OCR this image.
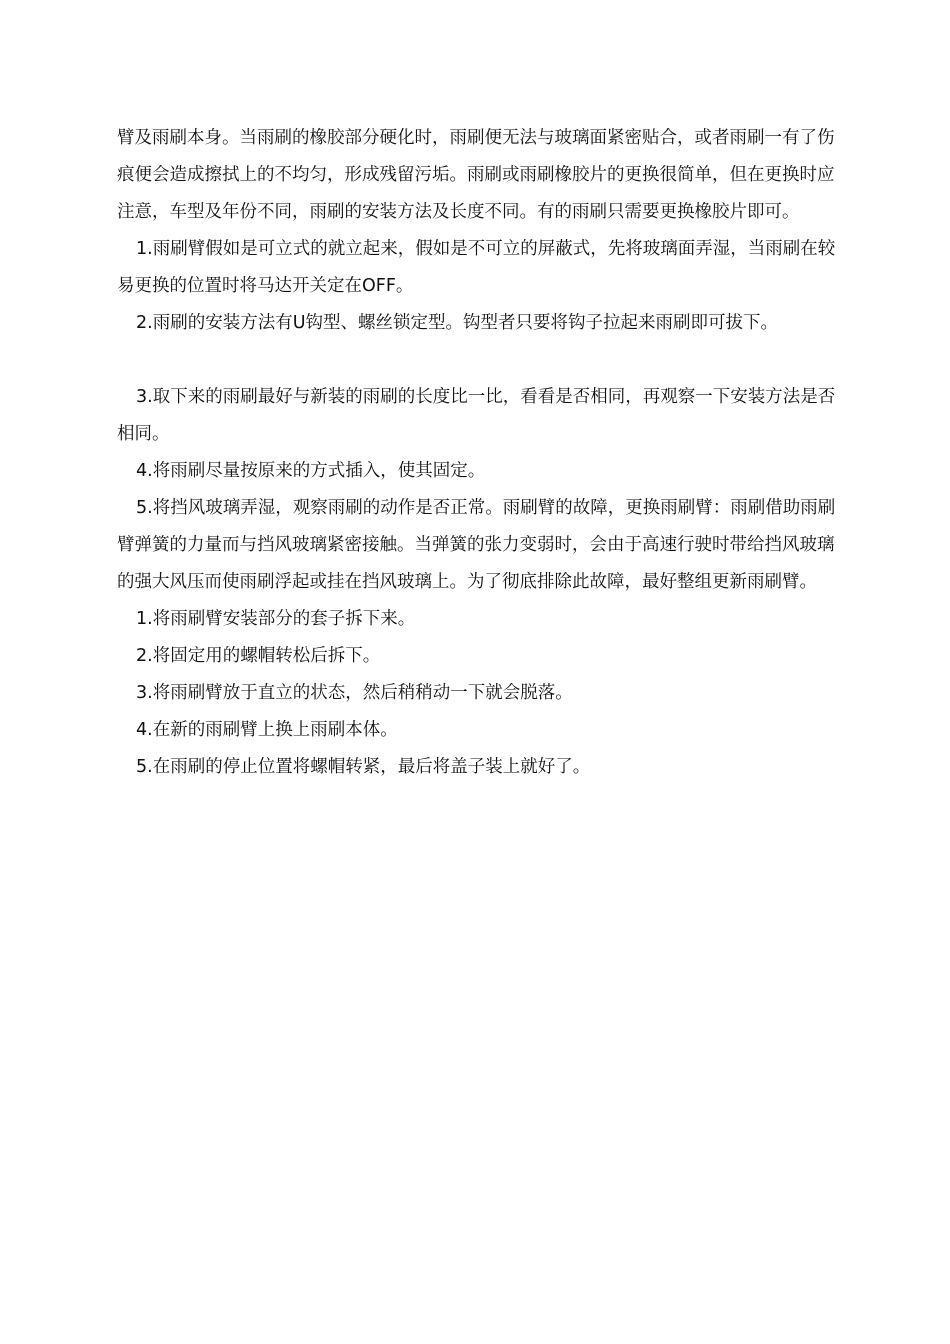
臂及雨刷本身。当雨刷的橡胶部分硬化时，雨刷便无法与玻璃面紧密贴合，或者雨刷一有了伤痕便会造成擦拭上的不均匀，形成残留污垢。雨刷或雨刷橡胶片的更换很简单，但在更换时应注意，车型及年份不同，雨刷的安装方法及长度不同。有的雨刷只需要更换橡胶片即可。

1.雨刷臂假如是可立式的就立起来，假如是不可立的屏蔽式，先将玻璃面弄湿，当雨刷在较易更换的位置时将马达开关定在OFF。

2.雨刷的安装方法有U钩型、螺丝锁定型。钩型者只要将钩子拉起来雨刷即可拔下。

3.取下来的雨刷最好与新装的雨刷的长度比一比，看看是否相同，再观察一下安装方法是否相同。

4.将雨刷尽量按原来的方式插入，使其固定。

5.将挡风玻璃弄湿，观察雨刷的动作是否正常。雨刷臂的故障，更换雨刷臂：雨刷借助雨刷臂弹簧的力量而与挡风玻璃紧密接触。当弹簧的张力变弱时，会由于高速行驶时带给挡风玻璃的强大风压而使雨刷浮起或挂在挡风玻璃上。为了彻底排除此故障，最好整组更新雨刷臂。

1.将雨刷臂安装部分的套子拆下来。

2.将固定用的螺帽转松后拆下。

3.将雨刷臂放于直立的状态，然后稍稍动一下就会脱落。

4.在新的雨刷臂上换上雨刷本体。

5.在雨刷的停止位置将螺帽转紧，最后将盖子装上就好了。
